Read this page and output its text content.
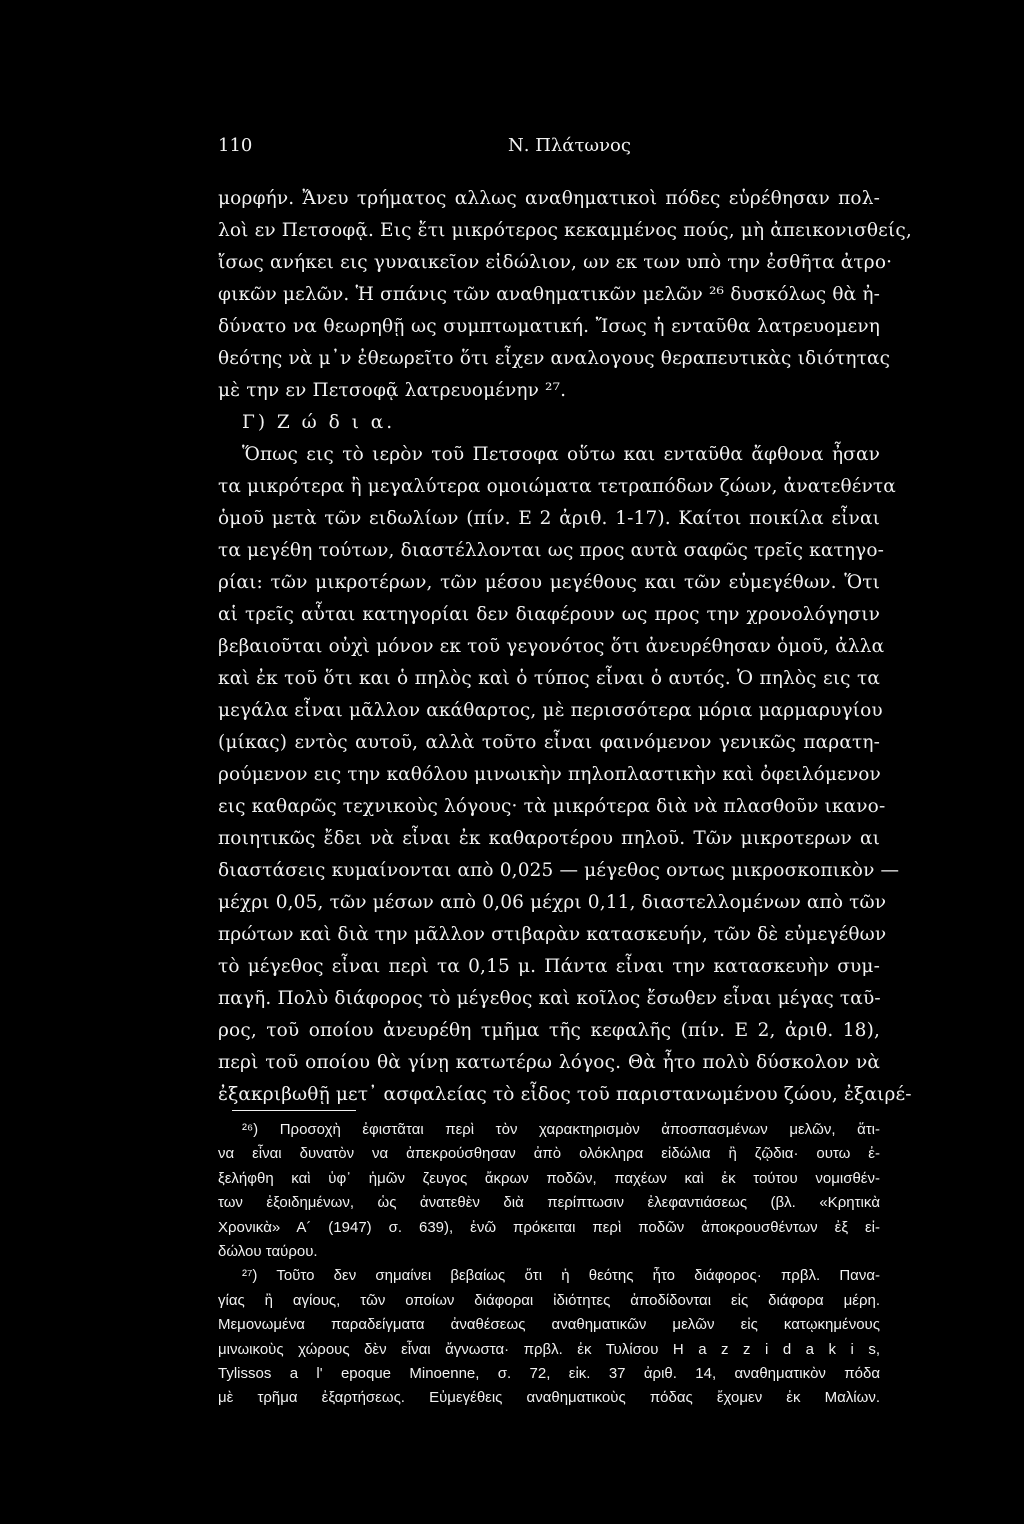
110	Ν. Πλάτωνος
μορφήν. Ἄνευ τρήματος αλλως αναθηματικοὶ πόδες εὑρέθησαν πολ-
λοὶ εν Πετσοφᾷ. Εις ἔτι μικρότερος κεκαμμένος πούς, μὴ ἀπεικονισθείς,
ἴσως ανήκει εις γυναικεῖον εἰδώλιον, ων εκ των υπὸ την ἐσθῆτα ἀτρο·
φικῶν μελῶν. Ἡ σπάνις τῶν αναθηματικῶν μελῶν ²⁶ δυσκόλως θὰ ἠ-
δύνατο να θεωρηθῇ ως συμπτωματική. Ἴσως ἡ ενταῦθα λατρευομενη
θεότης νὰ μ᾽ν ἐθεωρεῖτο ὅτι εἶχεν αναλογους θεραπευτικὰς ιδιότητας
μὲ την εν Πετσοφᾷ λατρευομένην ²⁷.
Γ) Ζ ώ δ ι α.
Ὅπως εις τὸ ιερὸν τοῦ Πετσοφα οὕτω και ενταῦθα ἄφθονα ἦσαν
τα μικρότερα ἢ μεγαλύτερα ομοιώματα τετραπόδων ζώων, ἀνατεθέντα
ὁμοῦ μετὰ τῶν ειδωλίων (πίν. Ε 2 ἀριθ. 1-17). Καίτοι ποικίλα εἶναι
τα μεγέθη τούτων, διαστέλλονται ως προς αυτὰ σαφῶς τρεῖς κατηγο-
ρίαι: τῶν μικροτέρων, τῶν μέσου μεγέθους και τῶν εὐμεγέθων. Ὅτι
αἱ τρεῖς αὗται κατηγορίαι δεν διαφέρουν ως προς την χρονολόγησιν
βεβαιοῦται οὐχὶ μόνον εκ τοῦ γεγονότος ὅτι ἀνευρέθησαν ὁμοῦ, ἀλλα
καὶ ἐκ τοῦ ὅτι και ὁ πηλὸς καὶ ὁ τύπος εἶναι ὁ αυτός. Ὁ πηλὸς εις τα
μεγάλα εἶναι μᾶλλον ακάθαρτος, μὲ περισσότερα μόρια μαρμαρυγίου
(μίκας) εντὸς αυτοῦ, αλλὰ τοῦτο εἶναι φαινόμενον γενικῶς παρατη-
ρούμενον εις την καθόλου μινωικὴν πηλοπλαστικὴν καὶ ὀφειλόμενον
εις καθαρῶς τεχνικοὺς λόγους· τὰ μικρότερα διὰ νὰ πλασθοῦν ικανο-
ποιητικῶς ἔδει νὰ εἶναι ἐκ καθαροτέρου πηλοῦ. Τῶν μικροτερων αι
διαστάσεις κυμαίνονται απὸ 0,025 — μέγεθος οντως μικροσκοπικὸν —
μέχρι 0,05, τῶν μέσων απὸ 0,06 μέχρι 0,11, διαστελλομένων απὸ τῶν
πρώτων καὶ διὰ την μᾶλλον στιβαρὰν κατασκευήν, τῶν δὲ εὐμεγέθων
τὸ μέγεθος εἶναι περὶ τα 0,15 μ. Πάντα εἶναι την κατασκευὴν συμ-
παγῆ. Πολὺ διάφορος τὸ μέγεθος καὶ κοῖλος ἔσωθεν εἶναι μέγας ταῦ-
ρος, τοῦ οποίου ἀνευρέθη τμῆμα τῆς κεφαλῆς (πίν. Ε 2, ἀριθ. 18),
περὶ τοῦ οποίου θὰ γίνῃ κατωτέρω λόγος. Θὰ ἦτο πολὺ δύσκολον νὰ
ἐξακριβωθῇ μετ᾽ ασφαλείας τὸ εἶδος τοῦ παριστανωμένου ζώου, ἐξαιρέ-
²⁶) Προσοχὴ ἐφιστᾶται περὶ τὸν χαρακτηρισμὸν ἀποσπασμένων μελῶν, ἅτι-
να εἶναι δυνατὸν να ἀπεκρούσθησαν ἀπὸ ολόκληρα εἰδώλια ἢ ζῷδια· ουτω ἐ-
ξελήφθη καὶ ὑφ᾽ ἡμῶν ζευγος ἄκρων ποδῶν, παχέων καὶ ἐκ τούτου νομισθέν-
των ἐξοιδημένων, ὡς ἀνατεθὲν διὰ περίπτωσιν ἐλεφαντιάσεως (βλ. «Κρητικὰ
Χρονικὰ» Α´ (1947) σ. 639), ἐνῶ πρόκειται περὶ ποδῶν ἀποκρουσθέντων ἐξ εἰ-
δώλου ταύρου.
²⁷) Τοῦτο δεν σημαίνει βεβαίως ὅτι ἡ θεότης ἦτο διάφορος· πρβλ. Πανα-
γίας ἢ αγίους, τῶν οποίων διάφοραι ἰδιότητες ἀποδίδονται εἰς διάφορα μέρη.
Μεμονωμένα παραδείγματα ἀναθέσεως αναθηματικῶν μελῶν εἰς κατῳκημένους
μινωικοὺς χώρους δὲν εἶναι ἄγνωστα· πρβλ. ἐκ Τυλίσου H a z z i d a k i s,
Tylissos a l' epoque Minoenne, σ. 72, εἰκ. 37 ἀριθ. 14, αναθηματικὸν πόδα
μὲ τρῆμα ἐξαρτήσεως. Εὐμεγέθεις αναθηματικοὺς πόδας ἔχομεν ἐκ Μαλίων.
